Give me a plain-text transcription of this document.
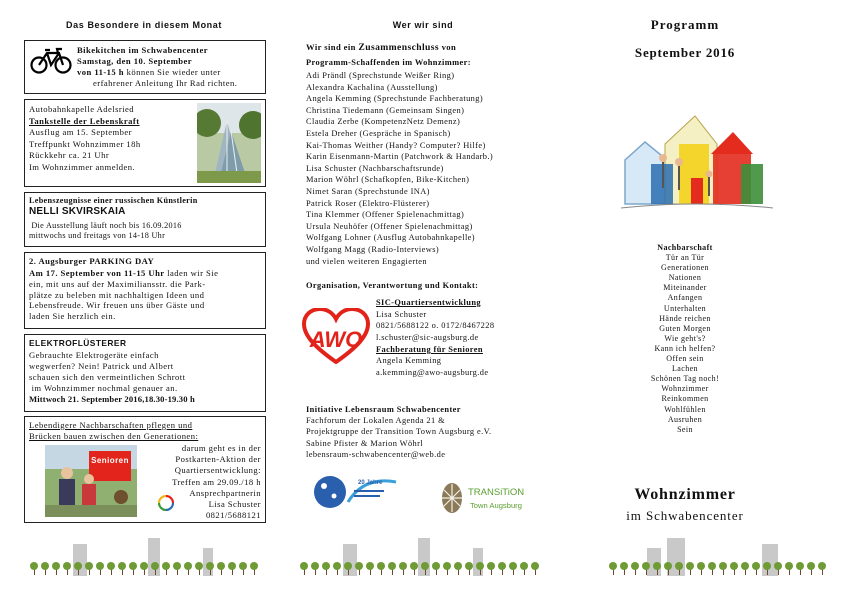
Das Besondere in diesem Monat
Bikekitchen im Schwabencenter
Samstag, den 10. September
von 11-15 h können Sie wieder unter
erfahrener Anleitung Ihr Rad richten.
Autobahnkapelle Adelsried
Tankstelle der Lebenskraft
Ausflug am 15. September
Treffpunkt Wohnzimmer 18h
Rückkehr ca. 21 Uhr
Im Wohnzimmer anmelden.
Lebenszeugnisse einer russischen Künstlerin
NELLI SKVIRSKAIA
Die Ausstellung läuft noch bis 16.09.2016
mittwochs und freitags von 14-18 Uhr
2. Augsburger PARKING DAY
Am 17. September von 11-15 Uhr laden wir Sie
ein, mit uns auf der Maximiliansstr. die Park-
plätze zu beleben mit nachhaltigen Ideen und
Lebensfreude. Wir freuen uns über Gäste und
laden Sie herzlich ein.
ELEKTROFLÜSTERER
Gebrauchte Elektrogeräte einfach
wegwerfen? Nein! Patrick und Albert
schauen sich den vermeintlichen Schrott
im Wohnzimmer nochmal genauer an.
Mittwoch 21. September 2016,18.30-19.30 h
Lebendigere Nachbarschaften pflegen und
Brücken bauen zwischen den Generationen:
Senioren
darum geht es in der
Postkarten-Aktion der
Quartiersentwicklung:
Treffen am 29.09./18 h
Ansprechpartnerin
Lisa Schuster
0821/5688121
Wer wir sind
Wir sind ein Zusammenschluss von
Programm-Schaffenden im Wohnzimmer:
Adi Prändl (Sprechstunde Weißer Ring)
Alexandra Kachalina (Ausstellung)
Angela Kemming (Sprechstunde Fachberatung)
Christina Tiedemann (Gemeinsam Singen)
Claudia Zerbe (KompetenzNetz Demenz)
Estela Dreher (Gespräche in Spanisch)
Kai-Thomas Weither (Handy? Computer? Hilfe)
Karin Eisenmann-Martin (Patchwork & Handarb.)
Lisa Schuster (Nachbarschaftsrunde)
Marion Wöhrl (Schafkopfen, Bike-Kitchen)
Nimet Saran (Sprechstunde INA)
Patrick Roser (Elektro-Flüsterer)
Tina Klemmer (Offener Spielenachmittag)
Ursula Neuhöfer (Offener Spielenachmittag)
Wolfgang Lohner (Ausflug Autobahnkapelle)
Wolfgang Magg (Radio-Interviews)
und vielen weiteren Engagierten
Organisation, Verantwortung und Kontakt:
AWO
SIC-Quartiersentwicklung
Lisa Schuster
0821/5688122 o. 0172/8467228
l.schuster@sic-augsburg.de
Fachberatung für Senioren
Angela Kemming
a.kemming@awo-augsburg.de
Initiative Lebensraum Schwabencenter
Fachforum der Lokalen Agenda 21 &
Projektgruppe der Transition Town Augsburg e.V.
Sabine Pfister & Marion Wöhrl
lebensraum-schwabencenter@web.de
20 Jahre
TRANSiTiON
Town Augsburg
Programm
September 2016
Nachbarschaft
Tür an Tür
Generationen
Nationen
Miteinander
Anfangen
Unterhalten
Hände reichen
Guten Morgen
Wie geht's?
Kann ich helfen?
Offen sein
Lachen
Schönen Tag noch!
Wohnzimmer
Reinkommen
Wohlfühlen
Ausruhen
Sein
Wohnzimmer
im Schwabencenter
